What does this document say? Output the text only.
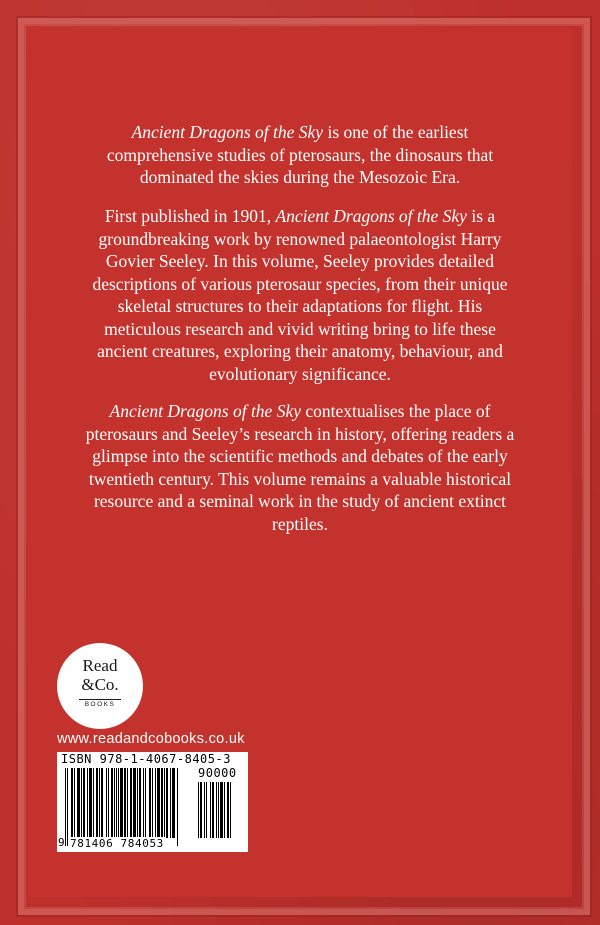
Ancient Dragons of the Sky is one of the earliest comprehensive studies of pterosaurs, the dinosaurs that dominated the skies during the Mesozoic Era.

First published in 1901, Ancient Dragons of the Sky is a groundbreaking work by renowned palaeontologist Harry Govier Seeley. In this volume, Seeley provides detailed descriptions of various pterosaur species, from their unique skeletal structures to their adaptations for flight. His meticulous research and vivid writing bring to life these ancient creatures, exploring their anatomy, behaviour, and evolutionary significance.

Ancient Dragons of the Sky contextualises the place of pterosaurs and Seeley’s research in history, offering readers a glimpse into the scientific methods and debates of the early twentieth century. This volume remains a valuable historical resource and a seminal work in the study of ancient extinct reptiles.

Read
&Co.
BOOKS
www.readandcobooks.co.uk
ISBN 978-1-4067-8405-3
90000
9 781406 784053
